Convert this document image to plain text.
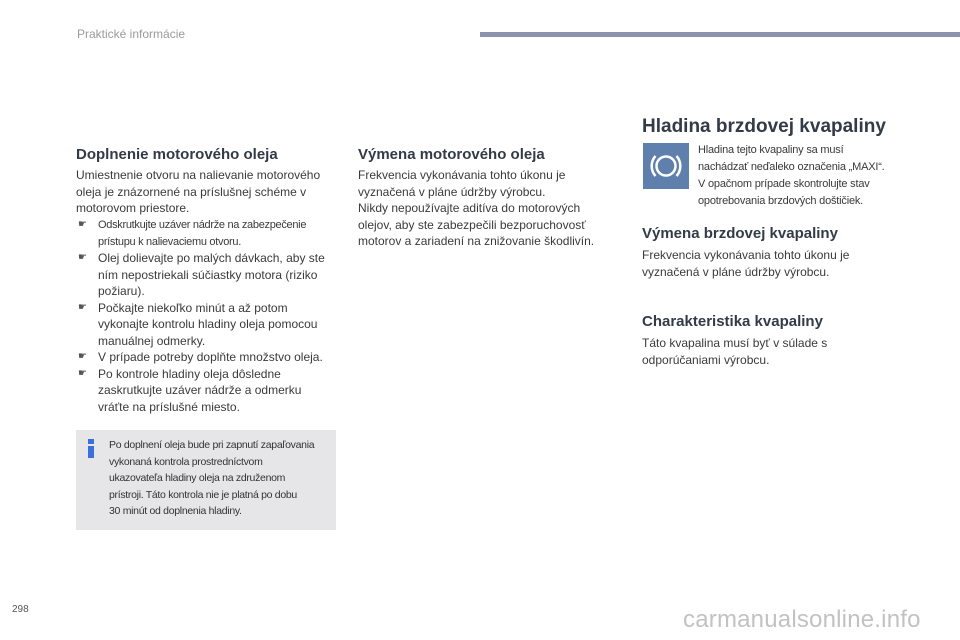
Praktické informácie
Doplnenie motorového oleja
Umiestnenie otvoru na nalievanie motorového
oleja je znázornené na príslušnej schéme v
motorovom priestore.
☛ Odskrutkujte uzáver nádrže na zabezpečenie
prístupu k nalievaciemu otvoru.
☛ Olej dolievajte po malých dávkach, aby ste
ním nepostriekali súčiastky motora (riziko
požiaru).
☛ Počkajte niekoľko minút a až potom
vykonajte kontrolu hladiny oleja pomocou
manuálnej odmerky.
☛ V prípade potreby doplňte množstvo oleja.
☛ Po kontrole hladiny oleja dôsledne
zaskrutkujte uzáver nádrže a odmerku
vráťte na príslušné miesto.
Po doplnení oleja bude pri zapnutí zapaľovania
vykonaná kontrola prostredníctvom
ukazovateľa hladiny oleja na združenom
prístroji. Táto kontrola nie je platná po dobu
30 minút od doplnenia hladiny.
Výmena motorového oleja
Frekvencia vykonávania tohto úkonu je
vyznačená v pláne údržby výrobcu.
Nikdy nepoužívajte aditíva do motorových
olejov, aby ste zabezpečili bezporuchovosť
motorov a zariadení na znižovanie škodlivín.
Hladina brzdovej kvapaliny
Hladina tejto kvapaliny sa musí
nachádzať neďaleko označenia „MAXI“.
V opačnom prípade skontrolujte stav
opotrebovania brzdových doštičiek.
Výmena brzdovej kvapaliny
Frekvencia vykonávania tohto úkonu je
vyznačená v pláne údržby výrobcu.
Charakteristika kvapaliny
Táto kvapalina musí byť v súlade s
odporúčaniami výrobcu.
298	carmanualsonline.info
